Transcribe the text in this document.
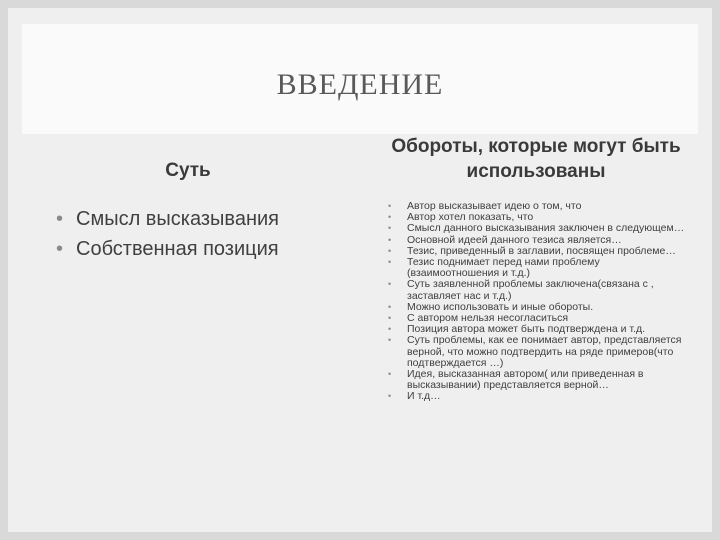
ВВЕДЕНИЕ
Суть
• Смысл высказывания
• Собственная позиция
Обороты, которые могут быть использованы
• Автор высказывает идею о том, что
• Автор хотел показать, что
• Смысл данного высказывания заключен в следующем…
• Основной идеей данного тезиса является…
• Тезис, приведенный в заглавии, посвящен проблеме…
• Тезис поднимает перед нами проблему (взаимоотношения и т.д.)
• Суть заявленной проблемы заключена(связана с , заставляет нас и т.д.)
• Можно использовать и иные обороты.
• С автором нельзя несогласиться
• Позиция автора может быть подтверждена и т.д.
• Суть проблемы, как ее понимает автор, представляется верной, что можно подтвердить на ряде примеров(что подтверждается …)
• Идея, высказанная автором( или приведенная в высказывании) представляется верной…
• И т.д…
